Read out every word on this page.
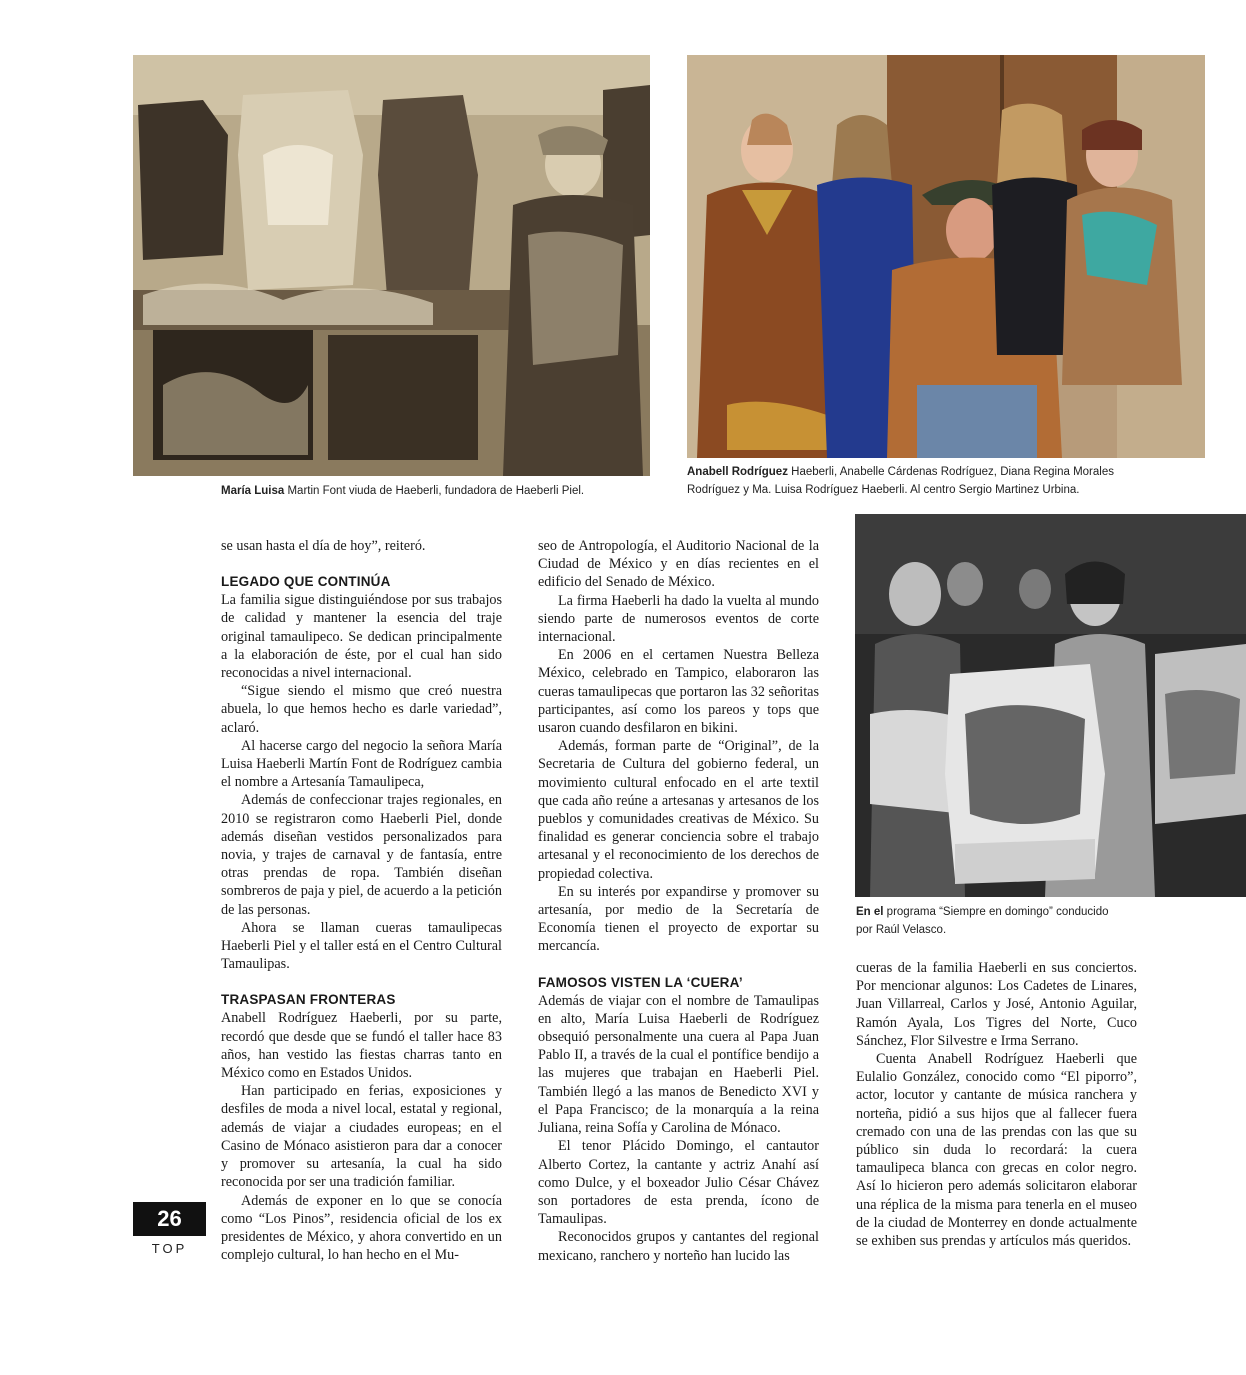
María Luisa Martin Font viuda de Haeberli, fundadora de Haeberli Piel.
Anabell Rodríguez Haeberli, Anabelle Cárdenas Rodríguez, Diana Regina Morales
Rodríguez y Ma. Luisa Rodríguez Haeberli. Al centro Sergio Martinez Urbina.
En el programa “Siempre en domingo” conducido
por Raúl Velasco.

se usan hasta el día de hoy”, reiteró.

LEGADO QUE CONTINÚA

La familia sigue distinguiéndose por sus trabajos de calidad y mantener la esencia del traje original tamaulipeco. Se dedican principalmente a la elaboración de éste, por el cual han sido reconocidas a nivel internacional.

“Sigue siendo el mismo que creó nuestra abuela, lo que hemos hecho es darle variedad”, aclaró.

Al hacerse cargo del negocio la señora María Luisa Haeberli Martín Font de Rodríguez cambia el nombre a Artesanía Tamaulipeca,

Además de confeccionar trajes regionales, en 2010 se registraron como Haeberli Piel, donde además diseñan vestidos personalizados para novia, y trajes de carnaval y de fantasía, entre otras prendas de ropa. También diseñan sombreros de paja y piel, de acuerdo a la petición de las personas.

Ahora se llaman cueras tamaulipecas Haeberli Piel y el taller está en el Centro Cultural Tamaulipas.

TRASPASAN FRONTERAS

Anabell Rodríguez Haeberli, por su parte, recordó que desde que se fundó el taller hace 83 años, han vestido las fiestas charras tanto en México como en Estados Unidos.

Han participado en ferias, exposiciones y desfiles de moda a nivel local, estatal y regional, además de viajar a ciudades europeas; en el Casino de Mónaco asistieron para dar a conocer y promover su artesanía, la cual ha sido reconocida por ser una tradición familiar.

Además de exponer en lo que se conocía como “Los Pinos”, residencia oficial de los ex presidentes de México, y ahora convertido en un complejo cultural, lo han hecho en el Mu-

seo de Antropología, el Auditorio Nacional de la Ciudad de México y en días recientes en el edificio del Senado de México.

La firma Haeberli ha dado la vuelta al mundo siendo parte de numerosos eventos de corte internacional.

En 2006 en el certamen Nuestra Belleza México, celebrado en Tampico, elaboraron las cueras tamaulipecas que portaron las 32 señoritas participantes, así como los pareos y tops que usaron cuando desfilaron en bikini.

Además, forman parte de “Original”, de la Secretaria de Cultura del gobierno federal, un movimiento cultural enfocado en el arte textil que cada año reúne a artesanas y artesanos de los pueblos y comunidades creativas de México. Su finalidad es generar conciencia sobre el trabajo artesanal y el reconocimiento de los derechos de propiedad colectiva.

En su interés por expandirse y promover su artesanía, por medio de la Secretaría de Economía tienen el proyecto de exportar su mercancía.

FAMOSOS VISTEN LA ‘CUERA’

Además de viajar con el nombre de Tamaulipas en alto, María Luisa Haeberli de Rodríguez obsequió personalmente una cuera al Papa Juan Pablo II, a través de la cual el pontífice bendijo a las mujeres que trabajan en Haeberli Piel. También llegó a las manos de Benedicto XVI y el Papa Francisco; de la monarquía a la reina Juliana, reina Sofía y Carolina de Mónaco.

El tenor Plácido Domingo, el cantautor Alberto Cortez, la cantante y actriz Anahí así como Dulce, y el boxeador Julio César Chávez son portadores de esta prenda, ícono de Tamaulipas.

Reconocidos grupos y cantantes del regional mexicano, ranchero y norteño han lucido las

cueras de la familia Haeberli en sus conciertos. Por mencionar algunos: Los Cadetes de Linares, Juan Villarreal, Carlos y José, Antonio Aguilar, Ramón Ayala, Los Tigres del Norte, Cuco Sánchez, Flor Silvestre e Irma Serrano.

Cuenta Anabell Rodríguez Haeberli que Eulalio González, conocido como “El piporro”, actor, locutor y cantante de música ranchera y norteña, pidió a sus hijos que al fallecer fuera cremado con una de las prendas con las que su público sin duda lo recordará: la cuera tamaulipeca blanca con grecas en color negro. Así lo hicieron pero además solicitaron elaborar una réplica de la misma para tenerla en el museo de la ciudad de Monterrey en donde actualmente se exhiben sus prendas y artículos más queridos.

26
TOP
